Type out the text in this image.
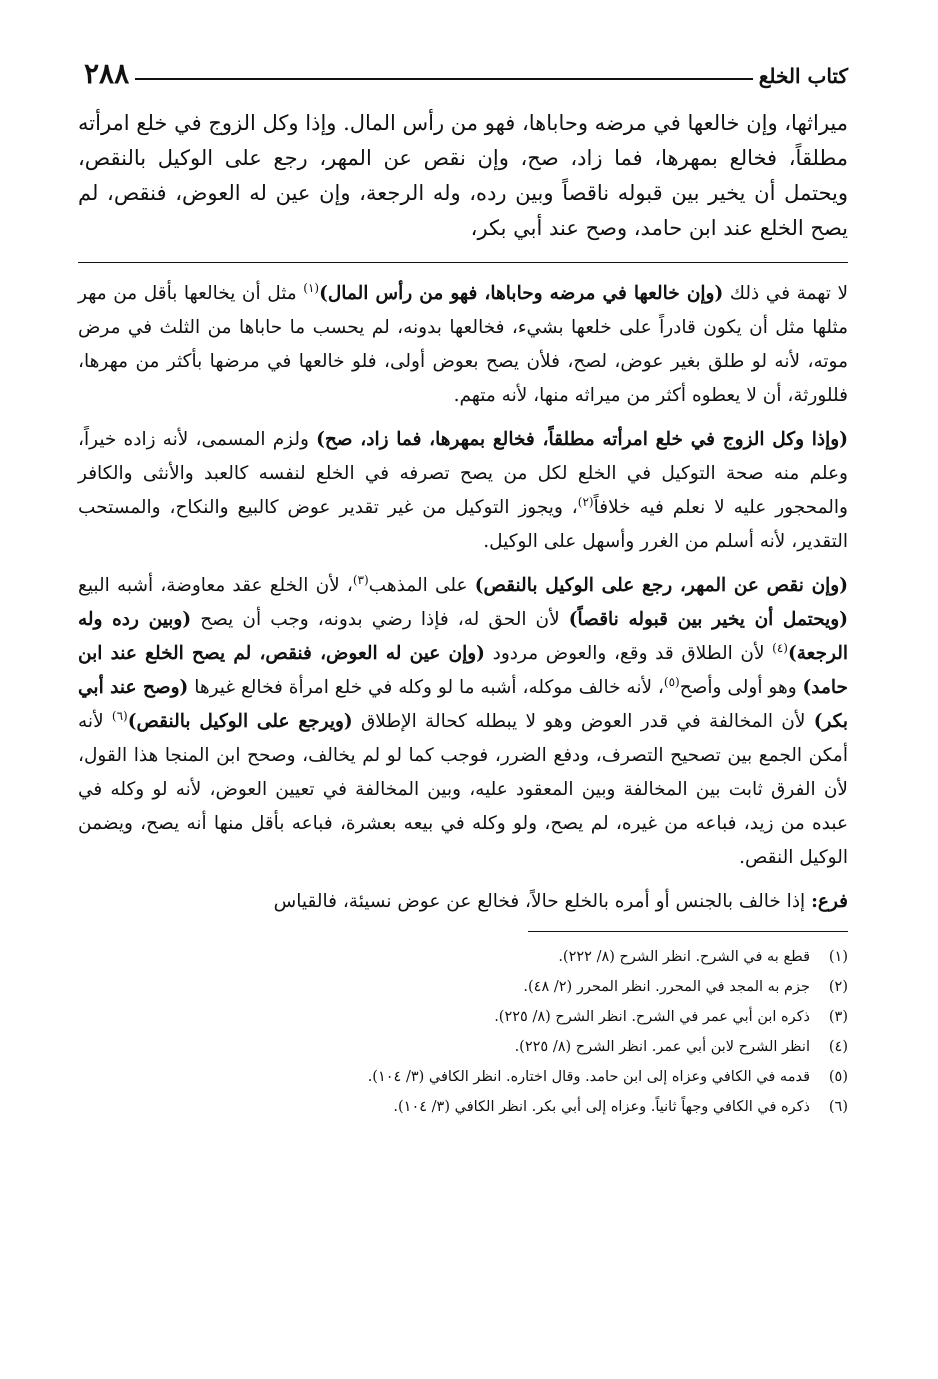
كتاب الخلع
٢٨٨
ميراثها، وإن خالعها في مرضه وحاباها، فهو من رأس المال. وإذا وكل الزوج في خلع امرأته مطلقاً، فخالع بمهرها، فما زاد، صح، وإن نقص عن المهر، رجع على الوكيل بالنقص، ويحتمل أن يخير بين قبوله ناقصاً وبين رده، وله الرجعة، وإن عين له العوض، فنقص، لم يصح الخلع عند ابن حامد، وصح عند أبي بكر،

لا تهمة في ذلك (وإن خالعها في مرضه وحاباها، فهو من رأس المال)$^{(١)}$ مثل أن يخالعها بأقل من مهر مثلها مثل أن يكون قادراً على خلعها بشيء، فخالعها بدونه، لم يحسب ما حاباها من الثلث في مرض موته، لأنه لو طلق بغير عوض، لصح، فلأن يصح بعوض أولى، فلو خالعها في مرضها بأكثر من مهرها، فللورثة، أن لا يعطوه أكثر من ميراثه منها، لأنه متهم.

(وإذا وكل الزوج في خلع امرأته مطلقاً، فخالع بمهرها، فما زاد، صح) ولزم المسمى، لأنه زاده خيراً، وعلم منه صحة التوكيل في الخلع لكل من يصح تصرفه في الخلع لنفسه كالعبد والأنثى والكافر والمحجور عليه لا نعلم فيه خلافاً$^{(٢)}$، ويجوز التوكيل من غير تقدير عوض كالبيع والنكاح، والمستحب التقدير، لأنه أسلم من الغرر وأسهل على الوكيل.

(وإن نقص عن المهر، رجع على الوكيل بالنقص) على المذهب$^{(٣)}$، لأن الخلع عقد معاوضة، أشبه البيع (ويحتمل أن يخير بين قبوله ناقصاً) لأن الحق له، فإذا رضي بدونه، وجب أن يصح (وبين رده وله الرجعة)$^{(٤)}$ لأن الطلاق قد وقع، والعوض مردود (وإن عين له العوض، فنقص، لم يصح الخلع عند ابن حامد) وهو أولى وأصح$^{(٥)}$، لأنه خالف موكله، أشبه ما لو وكله في خلع امرأة فخالع غيرها (وصح عند أبي بكر) لأن المخالفة في قدر العوض وهو لا يبطله كحالة الإطلاق (ويرجع على الوكيل بالنقص)$^{(٦)}$ لأنه أمكن الجمع بين تصحيح التصرف، ودفع الضرر، فوجب كما لو لم يخالف، وصحح ابن المنجا هذا القول، لأن الفرق ثابت بين المخالفة وبين المعقود عليه، وبين المخالفة في تعيين العوض، لأنه لو وكله في عبده من زيد، فباعه من غيره، لم يصح، ولو وكله في بيعه بعشرة، فباعه بأقل منها أنه يصح، ويضمن الوكيل النقص.

فرع: إذا خالف بالجنس أو أمره بالخلع حالاً، فخالع عن عوض نسيئة، فالقياس

(١)
قطع به في الشرح. انظر الشرح (٨/ ٢٢٢).
(٢)
جزم به المجد في المحرر. انظر المحرر (٢/ ٤٨).
(٣)
ذكره ابن أبي عمر في الشرح. انظر الشرح (٨/ ٢٢٥).
(٤)
انظر الشرح لابن أبي عمر. انظر الشرح (٨/ ٢٢٥).
(٥)
قدمه في الكافي وعزاه إلى ابن حامد. وقال اختاره. انظر الكافي (٣/ ١٠٤).
(٦)
ذكره في الكافي وجهاً ثانياً. وعزاه إلى أبي بكر. انظر الكافي (٣/ ١٠٤).
